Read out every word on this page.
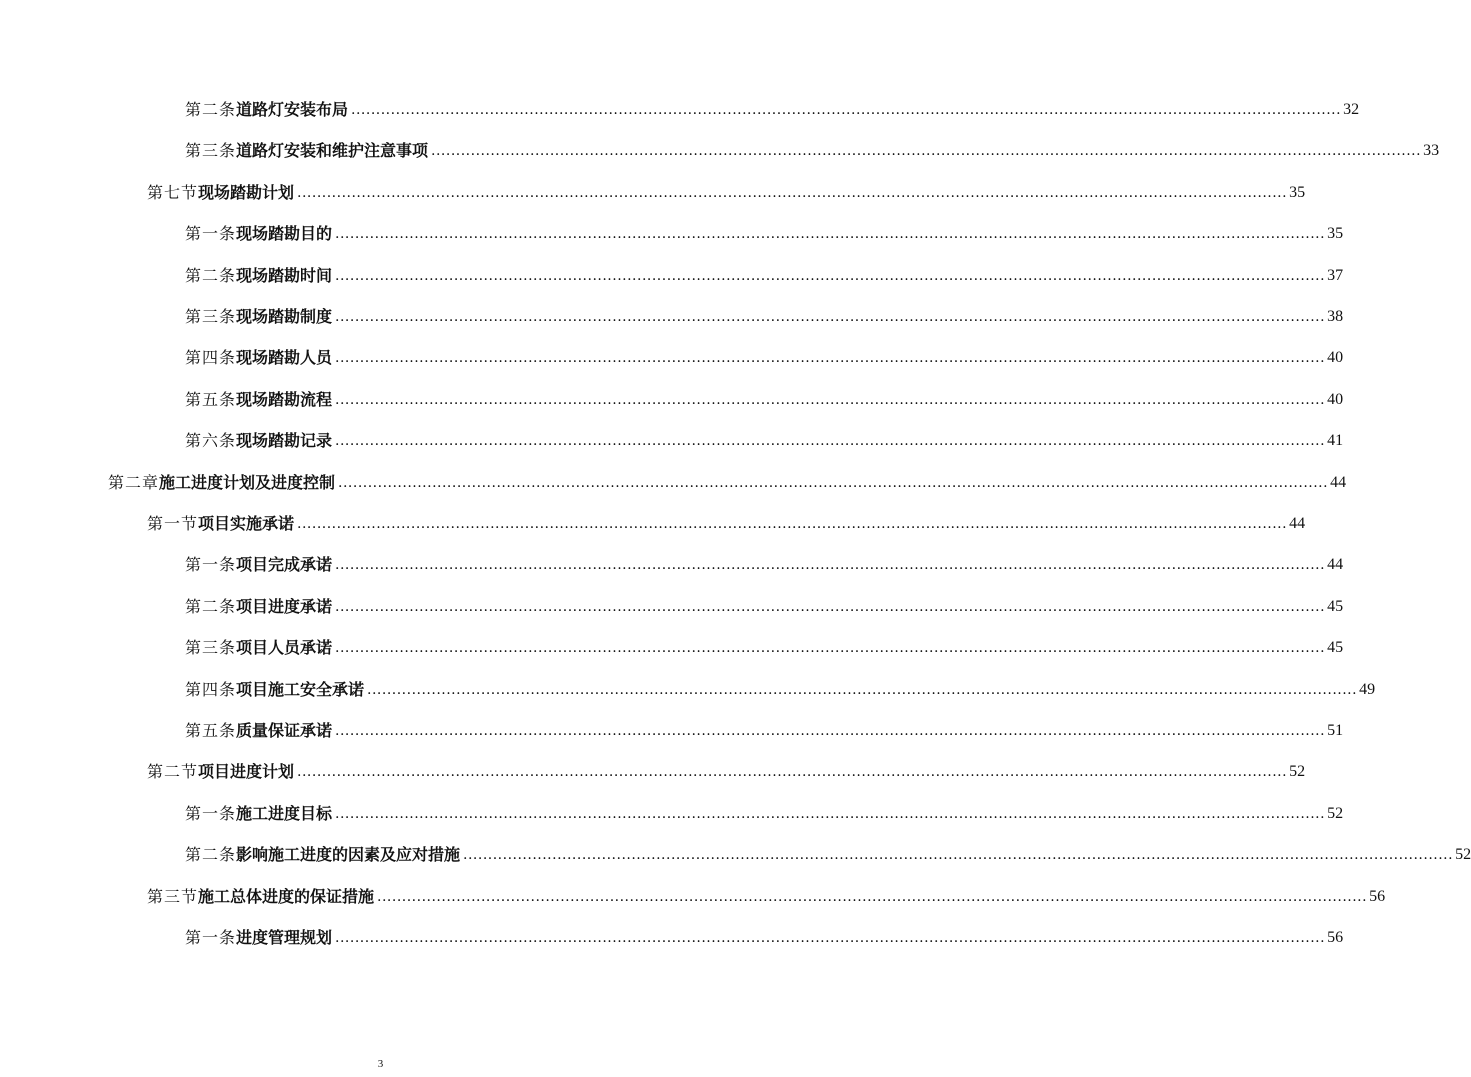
第二条 道路灯安装布局 ........................................................................................................................................................................................................ 32
第三条 道路灯安装和维护注意事项 ........................................................................................................................................................................................................ 33
第七节 现场踏勘计划 ........................................................................................................................................................................................................ 35
第一条 现场踏勘目的 ........................................................................................................................................................................................................ 35
第二条 现场踏勘时间 ........................................................................................................................................................................................................ 37
第三条 现场踏勘制度 ........................................................................................................................................................................................................ 38
第四条 现场踏勘人员 ........................................................................................................................................................................................................ 40
第五条 现场踏勘流程 ........................................................................................................................................................................................................ 40
第六条 现场踏勘记录 ........................................................................................................................................................................................................ 41
第二章 施工进度计划及进度控制 ........................................................................................................................................................................................................ 44
第一节 项目实施承诺 ........................................................................................................................................................................................................ 44
第一条 项目完成承诺 ........................................................................................................................................................................................................ 44
第二条 项目进度承诺 ........................................................................................................................................................................................................ 45
第三条 项目人员承诺 ........................................................................................................................................................................................................ 45
第四条 项目施工安全承诺 ........................................................................................................................................................................................................ 49
第五条 质量保证承诺 ........................................................................................................................................................................................................ 51
第二节 项目进度计划 ........................................................................................................................................................................................................ 52
第一条 施工进度目标 ........................................................................................................................................................................................................ 52
第二条 影响施工进度的因素及应对措施 ........................................................................................................................................................................................................ 52
第三节 施工总体进度的保证措施 ........................................................................................................................................................................................................ 56
第一条 进度管理规划 ........................................................................................................................................................................................................ 56
3
